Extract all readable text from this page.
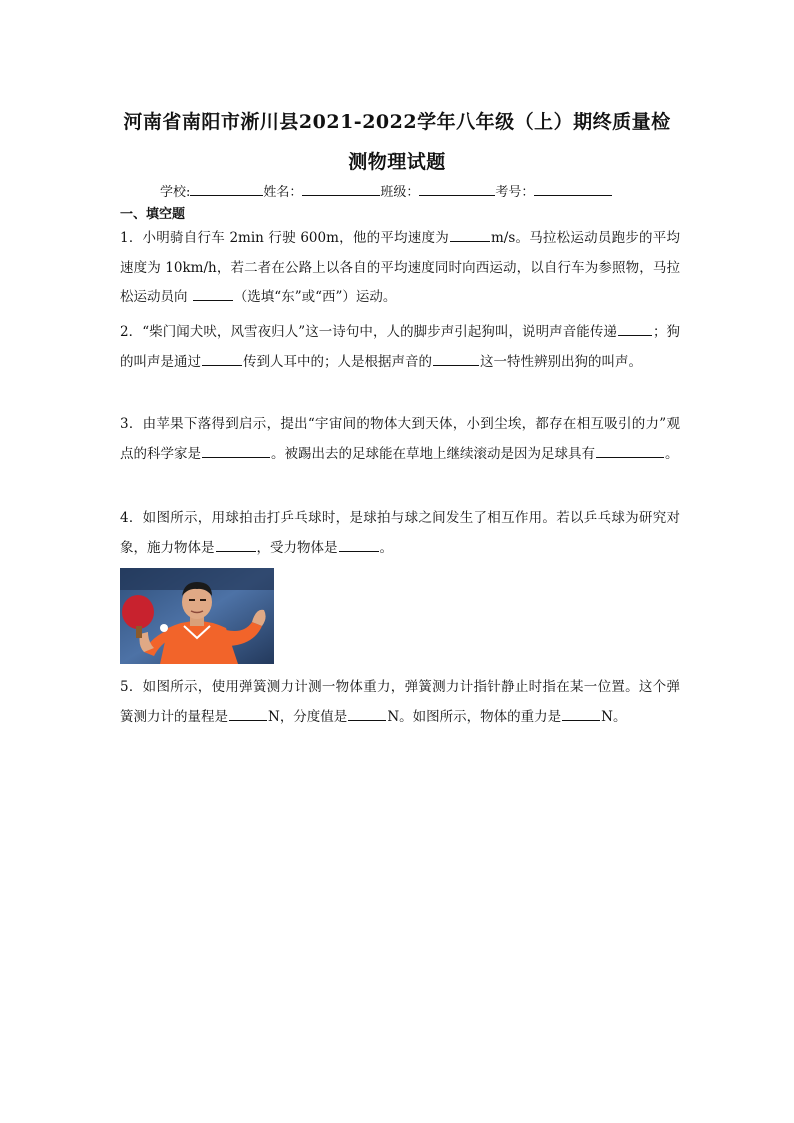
河南省南阳市淅川县2021-2022学年八年级（上）期终质量检
测物理试题
学校:	姓名：	班级：	考号：
一、填空题
1．小明骑自行车 2min 行驶 600m，他的平均速度为	m/s。马拉松运动员跑步的平均速度为 10km/h，若二者在公路上以各自的平均速度同时向西运动，以自行车为参照物，马拉松运动员向	（选填“东”或“西”）运动。
2．“柴门闻犬吠，风雪夜归人”这一诗句中，人的脚步声引起狗叫，说明声音能传递	；狗的叫声是通过	传到人耳中的；人是根据声音的	这一特性辨别出狗的叫声。
3．由苹果下落得到启示，提出“宇宙间的物体大到天体，小到尘埃，都存在相互吸引的力”观点的科学家是	。被踢出去的足球能在草地上继续滚动是因为足球具有	。
4．如图所示，用球拍击打乒乓球时，是球拍与球之间发生了相互作用。若以乒乓球为研究对象，施力物体是	，受力物体是	。
5．如图所示，使用弹簧测力计测一物体重力，弹簧测力计指针静止时指在某一位置。这个弹簧测力计的量程是	N，分度值是	N。如图所示，物体的重力是	N。
